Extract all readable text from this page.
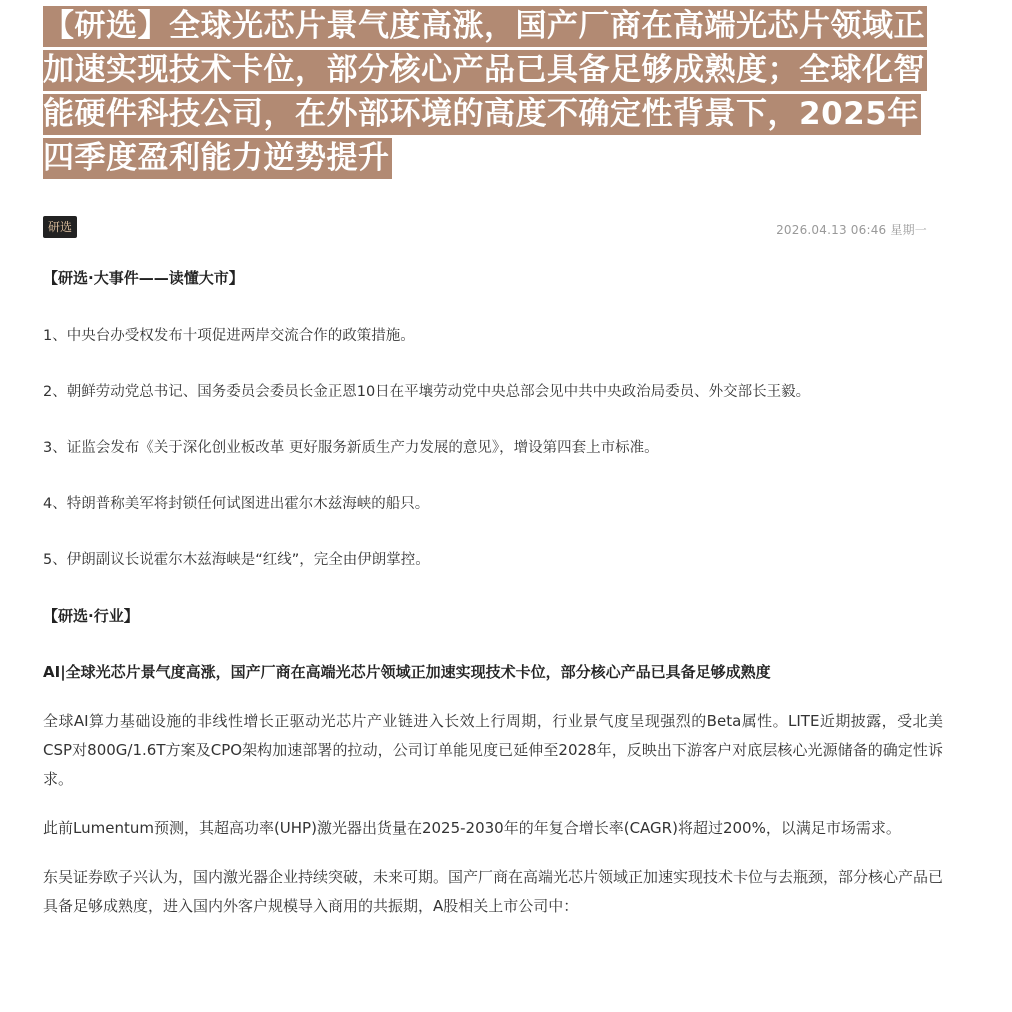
【研选】全球光芯片景气度高涨，国产厂商在高端光芯片领域正加速实现技术卡位，部分核心产品已具备足够成熟度；全球化智能硬件科技公司，在外部环境的高度不确定性背景下，2025年四季度盈利能力逆势提升
研选	2026.04.13 06:46 星期一
【研选·大事件——读懂大市】
1、中央台办受权发布十项促进两岸交流合作的政策措施。
2、朝鲜劳动党总书记、国务委员会委员长金正恩10日在平壤劳动党中央总部会见中共中央政治局委员、外交部长王毅。
3、证监会发布《关于深化创业板改革 更好服务新质生产力发展的意见》，增设第四套上市标准。
4、特朗普称美军将封锁任何试图进出霍尔木兹海峡的船只。
5、伊朗副议长说霍尔木兹海峡是“红线”，完全由伊朗掌控。
【研选·行业】
AI|全球光芯片景气度高涨，国产厂商在高端光芯片领域正加速实现技术卡位，部分核心产品已具备足够成熟度
全球AI算力基础设施的非线性增长正驱动光芯片产业链进入长效上行周期，行业景气度呈现强烈的Beta属性。LITE近期披露，受北美CSP对800G/1.6T方案及CPO架构加速部署的拉动，公司订单能见度已延伸至2028年，反映出下游客户对底层核心光源储备的确定性诉求。
此前Lumentum预测，其超高功率(UHP)激光器出货量在2025-2030年的年复合增长率(CAGR)将超过200%，以满足市场需求。
东吴证券欧子兴认为，国内激光器企业持续突破，未来可期。国产厂商在高端光芯片领域正加速实现技术卡位与去瓶颈，部分核心产品已具备足够成熟度，进入国内外客户规模导入商用的共振期，A股相关上市公司中：
